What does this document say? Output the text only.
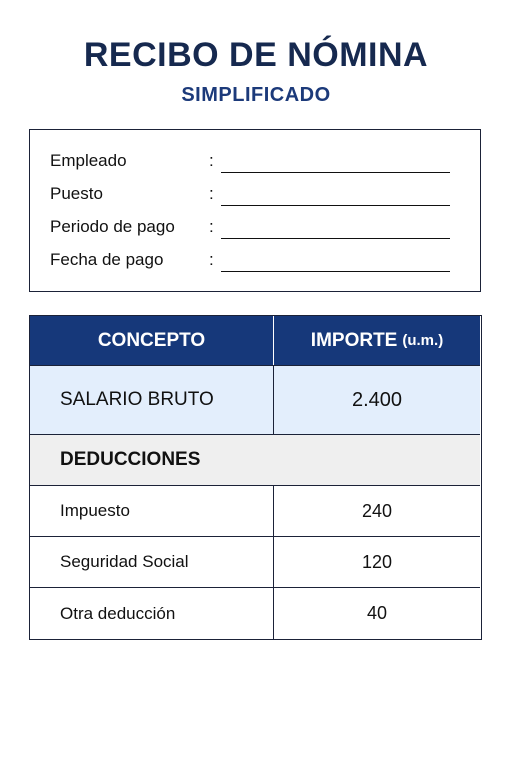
RECIBO DE NÓMINA
SIMPLIFICADO
Empleado	:
Puesto	:
Periodo de pago :
Fecha de pago	:
CONCEPTO	IMPORTE (u.m.)
SALARIO BRUTO	2.400
DEDUCCIONES
Impuesto	240
Seguridad Social	120
Otra deducción	40
